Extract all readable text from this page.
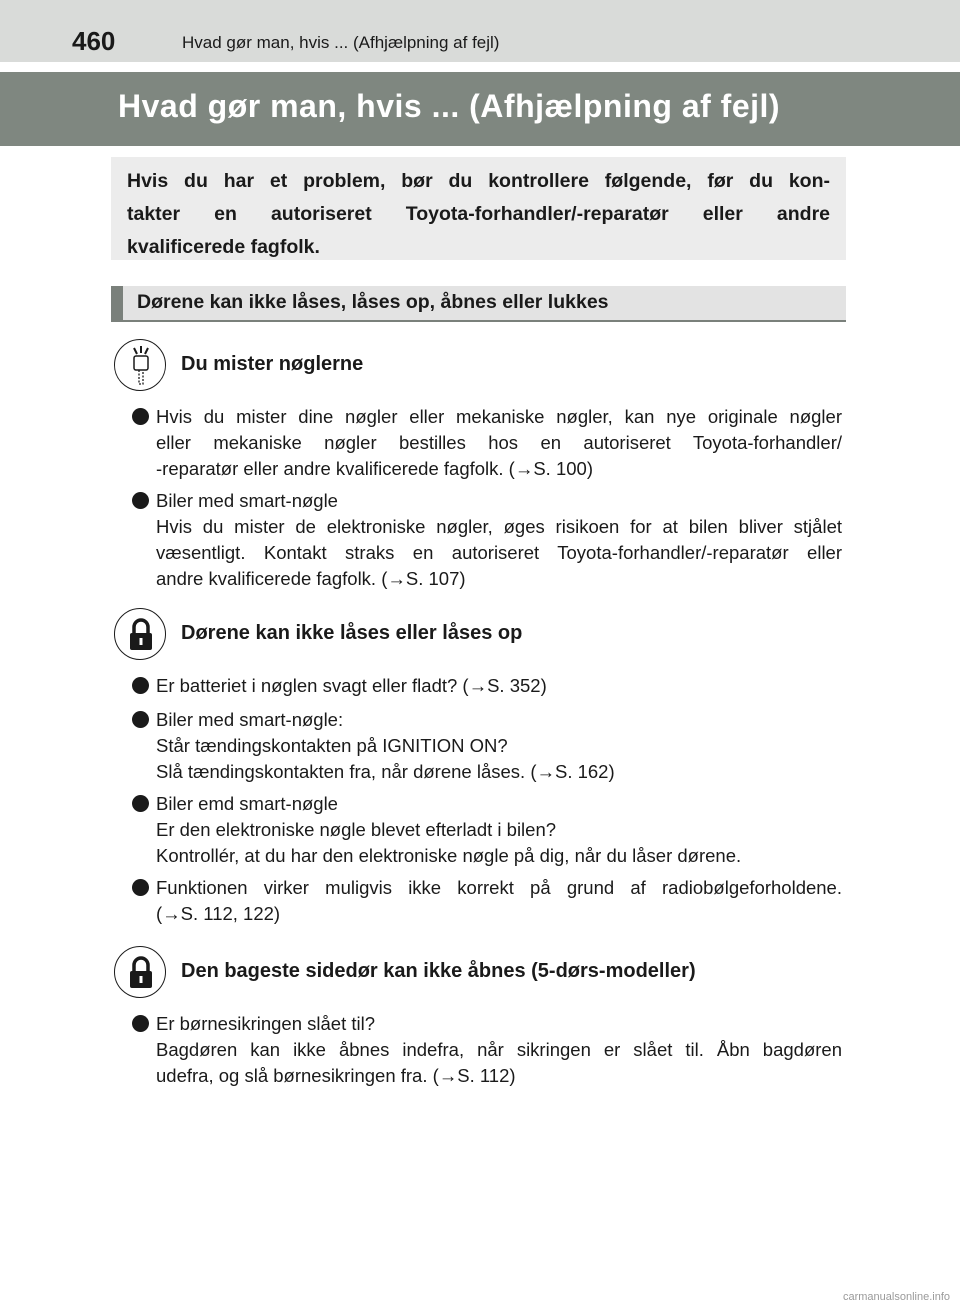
460	Hvad gør man, hvis ... (Afhjælpning af fejl)
Hvad gør man, hvis ... (Afhjælpning af fejl)

Hvis du har et problem, bør du kontrollere følgende, før du kon-
takter en autoriseret Toyota-forhandler/-reparatør eller andre
kvalificerede fagfolk.

Dørene kan ikke låses, låses op, åbnes eller lukkes
Du mister nøglerne
Hvis du mister dine nøgler eller mekaniske nøgler, kan nye originale nøgler
eller mekaniske nøgler bestilles hos en autoriseret Toyota-forhandler/
-reparatør eller andre kvalificerede fagfolk. (→S. 100)
Biler med smart-nøgle
Hvis du mister de elektroniske nøgler, øges risikoen for at bilen bliver stjålet
væsentligt. Kontakt straks en autoriseret Toyota-forhandler/-reparatør eller
andre kvalificerede fagfolk. (→S. 107)
Dørene kan ikke låses eller låses op
Er batteriet i nøglen svagt eller fladt? (→S. 352)
Biler med smart-nøgle:
Står tændingskontakten på IGNITION ON?
Slå tændingskontakten fra, når dørene låses. (→S. 162)
Biler emd smart-nøgle
Er den elektroniske nøgle blevet efterladt i bilen?
Kontrollér, at du har den elektroniske nøgle på dig, når du låser dørene.
Funktionen virker muligvis ikke korrekt på grund af radiobølgeforholdene.
(→S. 112, 122)
Den bageste sidedør kan ikke åbnes (5-dørs-modeller)
Er børnesikringen slået til?
Bagdøren kan ikke åbnes indefra, når sikringen er slået til. Åbn bagdøren
udefra, og slå børnesikringen fra. (→S. 112)
carmanualsonline.info
